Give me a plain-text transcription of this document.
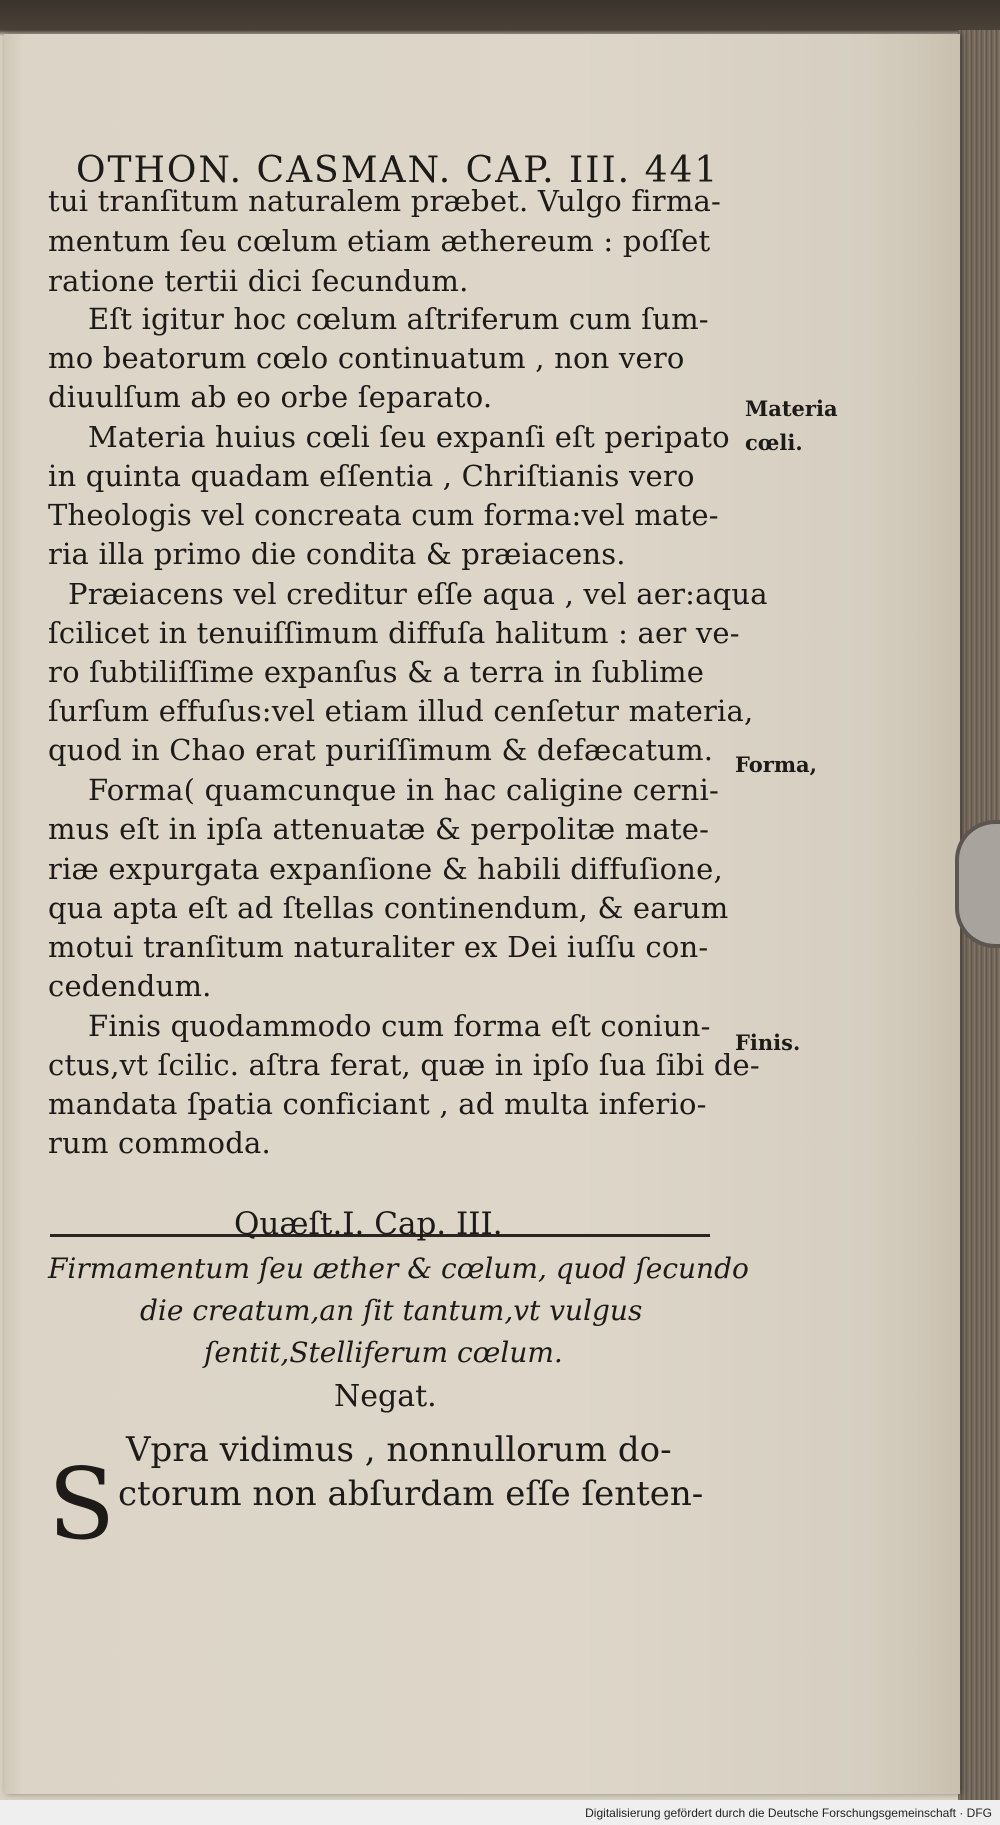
OTHON. CASMAN. CAP. III. 441
tui tranſitum naturalem præbet. Vulgo firma-
mentum ſeu cœlum etiam æthereum : poſſet
ratione tertii dici ſecundum.
Eſt igitur hoc cœlum aſtriferum cum ſum-
mo beatorum cœlo continuatum , non vero
diuulſum ab eo orbe ſeparato.
Materia huius cœli ſeu expanſi eſt peripato
in quinta quadam eſſentia , Chriſtianis vero
Theologis vel concreata cum forma:vel mate-
ria illa primo die condita & præiacens.
Præiacens vel creditur eſſe aqua , vel aer:aqua
ſcilicet in tenuiſſimum diffuſa halitum : aer ve-
ro ſubtiliſſime expanſus & a terra in ſublime
ſurſum effuſus:vel etiam illud cenſetur materia,
quod in Chao erat puriſſimum & defæcatum.
Forma( quamcunque in hac caligine cerni-
mus eſt in ipſa attenuatæ & perpolitæ mate-
riæ expurgata expanſione & habili diffuſione,
qua apta eſt ad ſtellas continendum, & earum
motui tranſitum naturaliter ex Dei iuſſu con-
cedendum.
Finis quodammodo cum forma eſt coniun-
ctus,vt ſcilic. aſtra ferat, quæ in ipſo ſua ſibi de-
mandata ſpatia conficiant , ad multa inferio-
rum commoda.
Materia
cœli.
Forma,
Finis.
Quæſt.I. Cap. III.
Firmamentum ſeu æther & cœlum, quod ſecundo
die creatum,an ſit tantum,vt vulgus
ſentit,Stelliferum cœlum.
Negat.
S Vpra vidimus , nonnullorum do-
ctorum non abſurdam eſſe ſenten-
Digitalisierung gefördert durch die Deutsche Forschungsgemeinschaft · DFG
